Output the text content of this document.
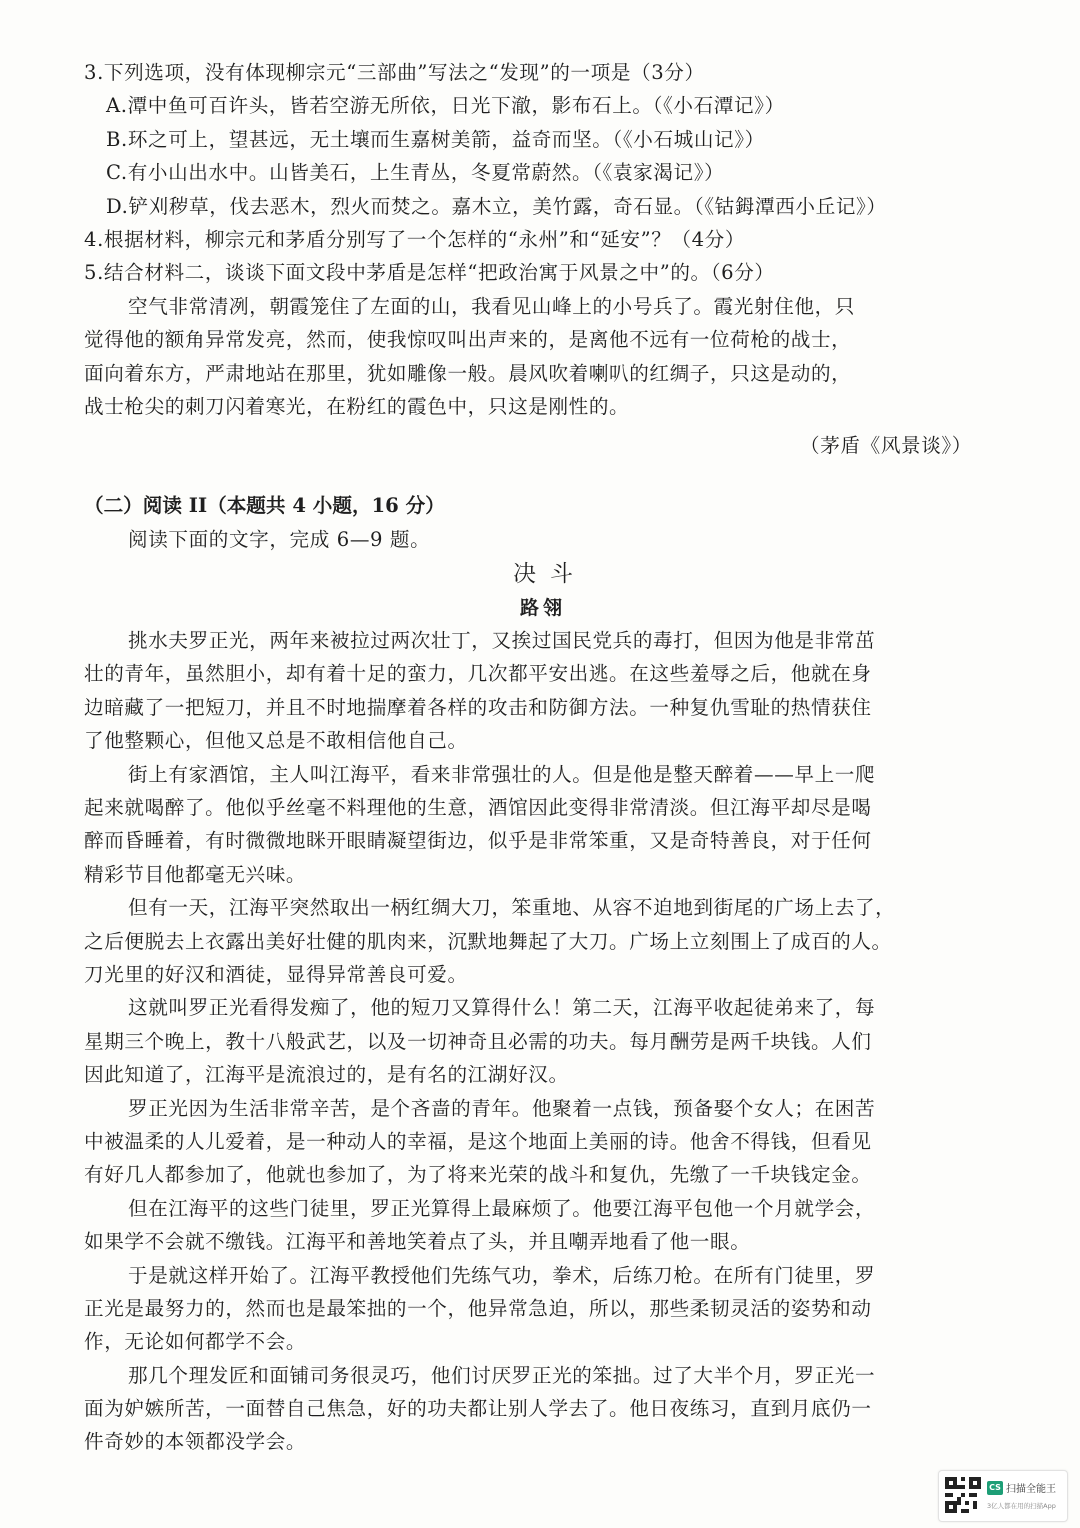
3.下列选项，没有体现柳宗元“三部曲”写法之“发现”的一项是（3分）
A.潭中鱼可百许头，皆若空游无所依，日光下澈，影布石上。（《小石潭记》）
B.环之可上，望甚远，无土壤而生嘉树美箭，益奇而坚。（《小石城山记》）
C.有小山出水中。山皆美石，上生青丛，冬夏常蔚然。（《袁家渴记》）
D.铲刈秽草，伐去恶木，烈火而焚之。嘉木立，美竹露，奇石显。（《钴鉧潭西小丘记》）
4.根据材料，柳宗元和茅盾分别写了一个怎样的“永州”和“延安”？（4分）
5.结合材料二，谈谈下面文段中茅盾是怎样“把政治寓于风景之中”的。（6分）
空气非常清冽，朝霞笼住了左面的山，我看见山峰上的小号兵了。霞光射住他，只
觉得他的额角异常发亮，然而，使我惊叹叫出声来的，是离他不远有一位荷枪的战士，
面向着东方，严肃地站在那里，犹如雕像一般。晨风吹着喇叭的红绸子，只这是动的，
战士枪尖的刺刀闪着寒光，在粉红的霞色中，只这是刚性的。
（茅盾《风景谈》）
（二）阅读 II（本题共 4 小题，16 分）
阅读下面的文字，完成 6—9 题。
决斗
路翎
挑水夫罗正光，两年来被拉过两次壮丁，又挨过国民党兵的毒打，但因为他是非常茁
壮的青年，虽然胆小，却有着十足的蛮力，几次都平安出逃。在这些羞辱之后，他就在身
边暗藏了一把短刀，并且不时地揣摩着各样的攻击和防御方法。一种复仇雪耻的热情获住
了他整颗心，但他又总是不敢相信他自己。
街上有家酒馆，主人叫江海平，看来非常强壮的人。但是他是整天醉着——早上一爬
起来就喝醉了。他似乎丝毫不料理他的生意，酒馆因此变得非常清淡。但江海平却尽是喝
醉而昏睡着，有时微微地眯开眼睛凝望街边，似乎是非常笨重，又是奇特善良，对于任何
精彩节目他都毫无兴味。
但有一天，江海平突然取出一柄红绸大刀，笨重地、从容不迫地到街尾的广场上去了，
之后便脱去上衣露出美好壮健的肌肉来，沉默地舞起了大刀。广场上立刻围上了成百的人。
刀光里的好汉和酒徒，显得异常善良可爱。
这就叫罗正光看得发痴了，他的短刀又算得什么！第二天，江海平收起徒弟来了，每
星期三个晚上，教十八般武艺，以及一切神奇且必需的功夫。每月酬劳是两千块钱。人们
因此知道了，江海平是流浪过的，是有名的江湖好汉。
罗正光因为生活非常辛苦，是个吝啬的青年。他聚着一点钱，预备娶个女人；在困苦
中被温柔的人儿爱着，是一种动人的幸福，是这个地面上美丽的诗。他舍不得钱，但看见
有好几人都参加了，他就也参加了，为了将来光荣的战斗和复仇，先缴了一千块钱定金。
但在江海平的这些门徒里，罗正光算得上最麻烦了。他要江海平包他一个月就学会，
如果学不会就不缴钱。江海平和善地笑着点了头，并且嘲弄地看了他一眼。
于是就这样开始了。江海平教授他们先练气功，拳术，后练刀枪。在所有门徒里，罗
正光是最努力的，然而也是最笨拙的一个，他异常急迫，所以，那些柔韧灵活的姿势和动
作，无论如何都学不会。
那几个理发匠和面铺司务很灵巧，他们讨厌罗正光的笨拙。过了大半个月，罗正光一
面为妒嫉所苦，一面替自己焦急，好的功夫都让别人学去了。他日夜练习，直到月底仍一
件奇妙的本领都没学会。
CS 扫描全能王
3亿人都在用的扫描App
